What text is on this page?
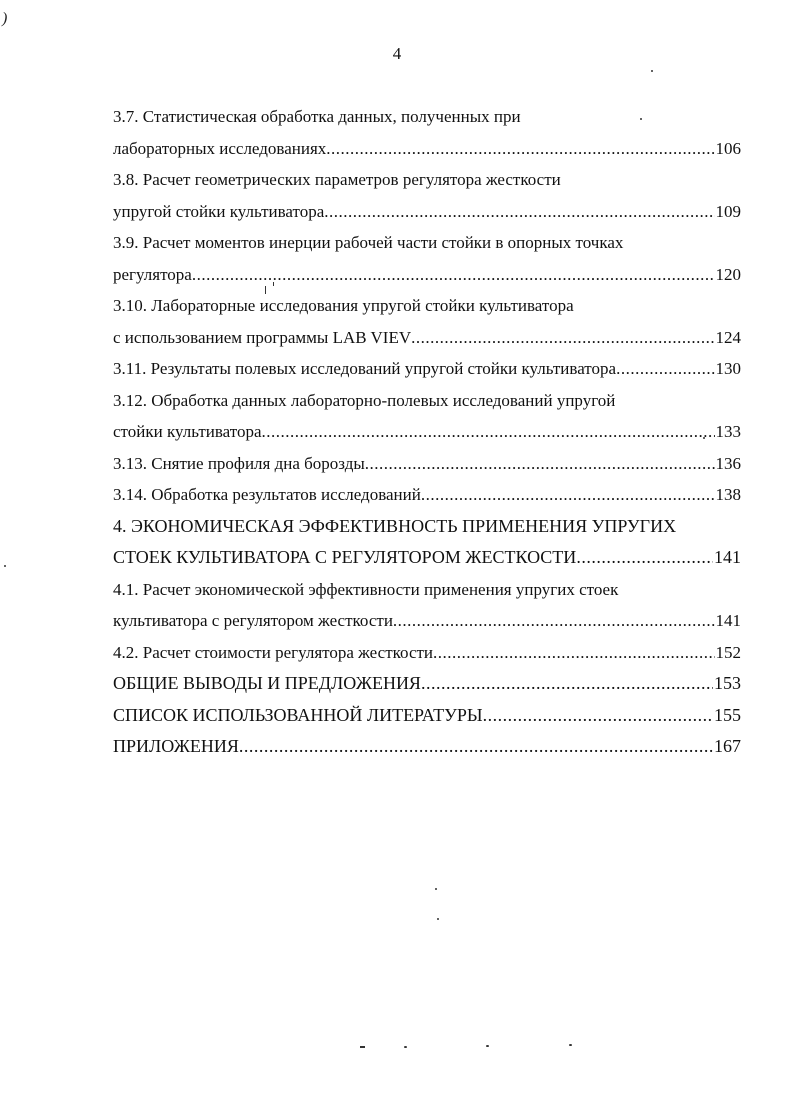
)
4
3.7. Статистическая обработка данных, полученных при
лабораторных исследованиях .....	106
3.8. Расчет геометрических параметров регулятора жесткости
упругой стойки культиватора .....	109
3.9. Расчет моментов инерции рабочей части стойки в опорных точках
регулятора .....	120
3.10. Лабораторные исследования упругой стойки культиватора
с использованием программы LAB VIEV .....	124
3.11. Результаты полевых исследований упругой стойки культиватора .....	130
3.12. Обработка данных лабораторно-полевых исследований упругой
стойки культиватора .....	133
3.13. Снятие профиля дна борозды .....	136
3.14. Обработка результатов исследований .....	138
4. ЭКОНОМИЧЕСКАЯ ЭФФЕКТИВНОСТЬ ПРИМЕНЕНИЯ УПРУГИХ
СТОЕК КУЛЬТИВАТОРА С РЕГУЛЯТОРОМ ЖЕСТКОСТИ .....	141
4.1. Расчет экономической эффективности применения упругих стоек
культиватора с регулятором жесткости .....	141
4.2. Расчет стоимости регулятора жесткости .....	152
ОБЩИЕ ВЫВОДЫ И ПРЕДЛОЖЕНИЯ .....	153
СПИСОК ИСПОЛЬЗОВАННОЙ ЛИТЕРАТУРЫ .....	155
ПРИЛОЖЕНИЯ .....	167
